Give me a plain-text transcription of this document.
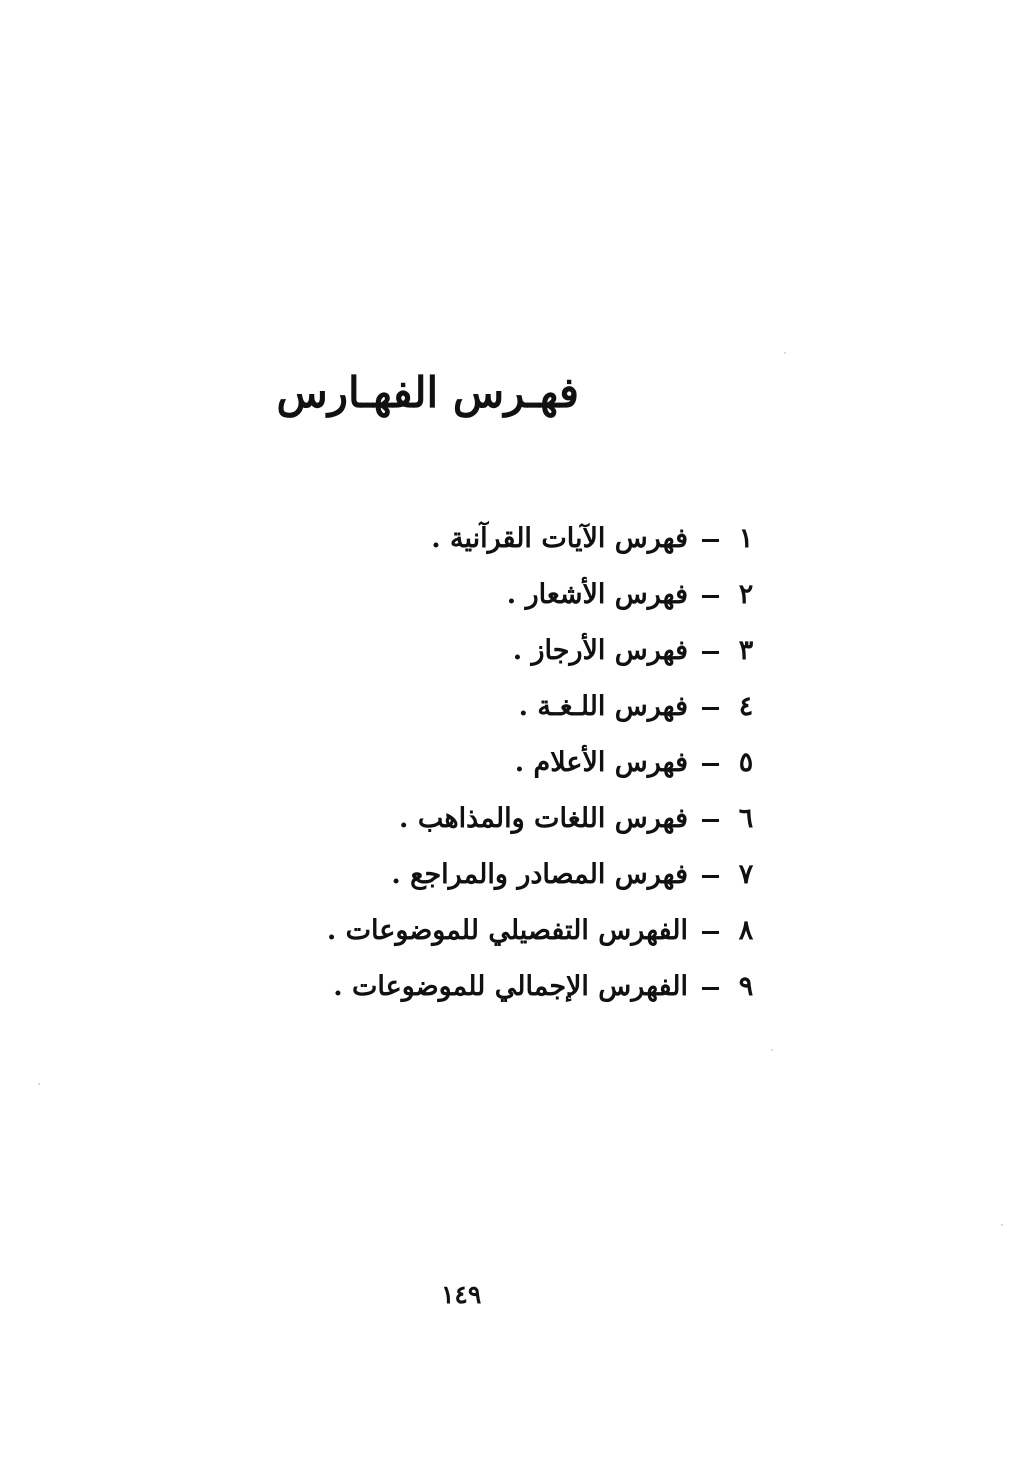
فهـرس الفهـارس
١
فهرس الآيات القرآنية .
٢
فهرس الأشعار .
٣
فهرس الأرجاز .
٤
فهرس اللـغـة .
٥
فهرس الأعلام .
٦
فهرس اللغات والمذاهب .
٧
فهرس المصادر والمراجع .
٨
الفهرس التفصيلي للموضوعات .
٩
الفهرس الإجمالي للموضوعات .
١٤٩
